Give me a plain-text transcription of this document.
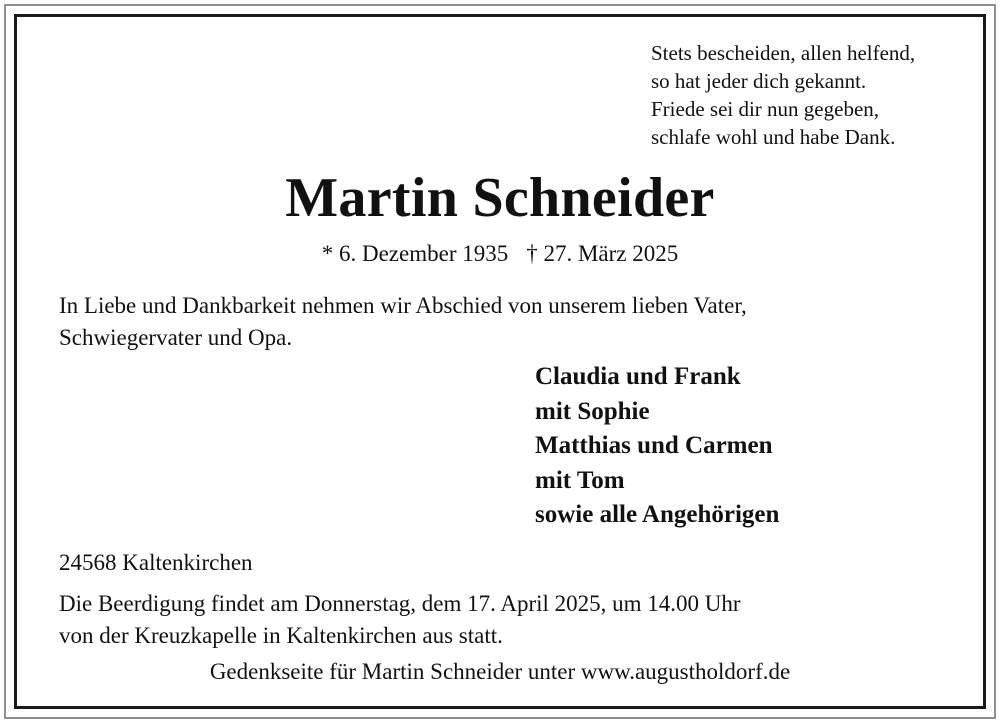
Stets bescheiden, allen helfend,
so hat jeder dich gekannt.
Friede sei dir nun gegeben,
schlafe wohl und habe Dank.
Martin Schneider
* 6. Dezember 1935 † 27. März 2025
In Liebe und Dankbarkeit nehmen wir Abschied von unserem lieben Vater,
Schwiegervater und Opa.
Claudia und Frank
mit Sophie
Matthias und Carmen
mit Tom
sowie alle Angehörigen
24568 Kaltenkirchen
Die Beerdigung findet am Donnerstag, dem 17. April 2025, um 14.00 Uhr
von der Kreuzkapelle in Kaltenkirchen aus statt.
Gedenkseite für Martin Schneider unter www.augustholdorf.de
